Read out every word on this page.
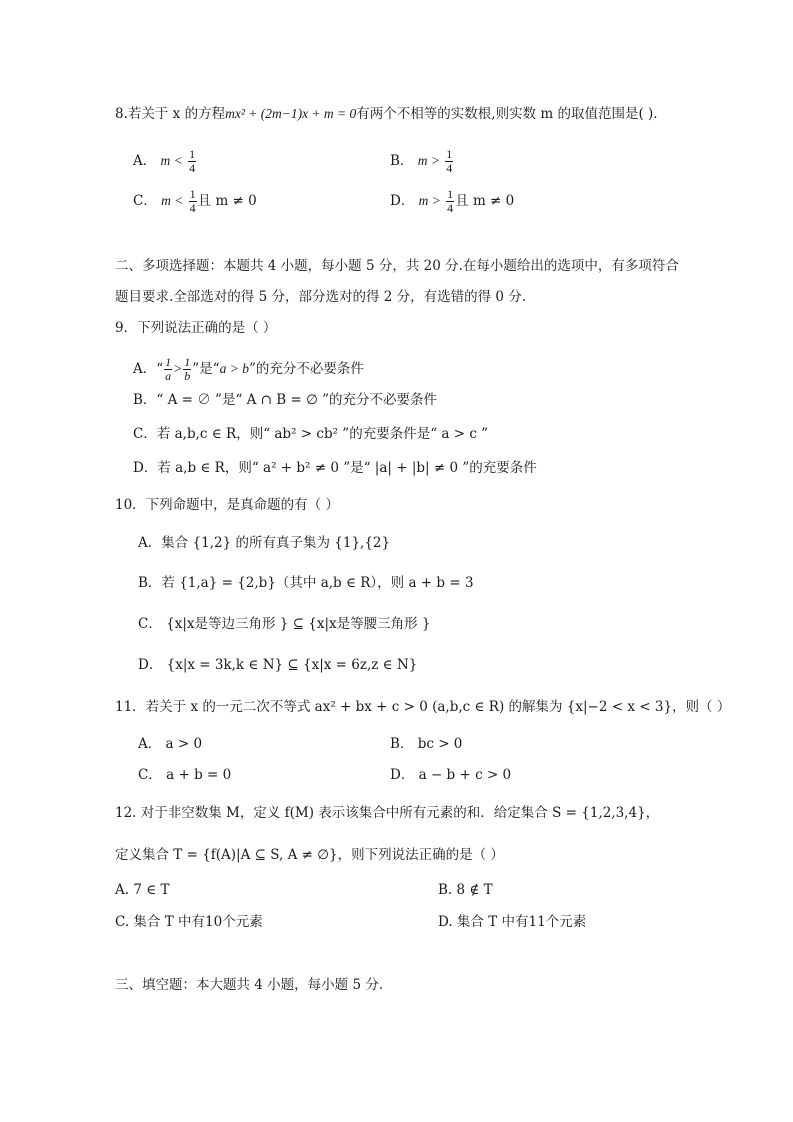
8.若关于 x 的方程mx² + (2m−1)x + m = 0有两个不相等的实数根,则实数 m 的取值范围是( ).
A． $m < \frac{1}{4}$	B． $m > \frac{1}{4}$
C． $m < \frac{1}{4}$ 且 m ≠ 0	D． $m > \frac{1}{4}$ 且 m ≠ 0
二、多项选择题：本题共 4 小题，每小题 5 分，共 20 分.在每小题给出的选项中，有多项符合
题目要求.全部选对的得 5 分，部分选对的得 2 分，有选错的得 0 分.
9．下列说法正确的是（ ）
A．“ $\frac{1}{a} > \frac{1}{b}$ ”是“a > b”的充分不必要条件
B．“ A = ∅ ”是“ A ∩ B = ∅ ”的充分不必要条件
C．若 a,b,c ∈ R，则“ ab² > cb² ”的充要条件是“ a > c ”
D．若 a,b ∈ R，则“ a² + b² ≠ 0 ”是“ |a| + |b| ≠ 0 ”的充要条件
10．下列命题中，是真命题的有（ ）
A．集合 {1,2} 的所有真子集为 {1},{2}
B．若 {1,a} = {2,b}（其中 a,b ∈ R），则 a + b = 3
C． {x|x是等边三角形 } ⊆ {x|x是等腰三角形 }
D． {x|x = 3k,k ∈ N} ⊆ {x|x = 6z,z ∈ N}
11．若关于 x 的一元二次不等式 ax² + bx + c > 0 (a,b,c ∈ R) 的解集为 {x|−2 < x < 3}，则（ ）
A． a > 0	B． bc > 0
C． a + b = 0	D． a − b + c > 0
12. 对于非空数集 M，定义 f(M) 表示该集合中所有元素的和．给定集合 S = {1,2,3,4}，
定义集合 T = {f(A)|A ⊆ S, A ≠ ∅}，则下列说法正确的是（ ）
A. 7 ∈ T	B. 8 ∉ T
C. 集合 T 中有10个元素	D. 集合 T 中有11个元素
三、填空题：本大题共 4 小题，每小题 5 分.
